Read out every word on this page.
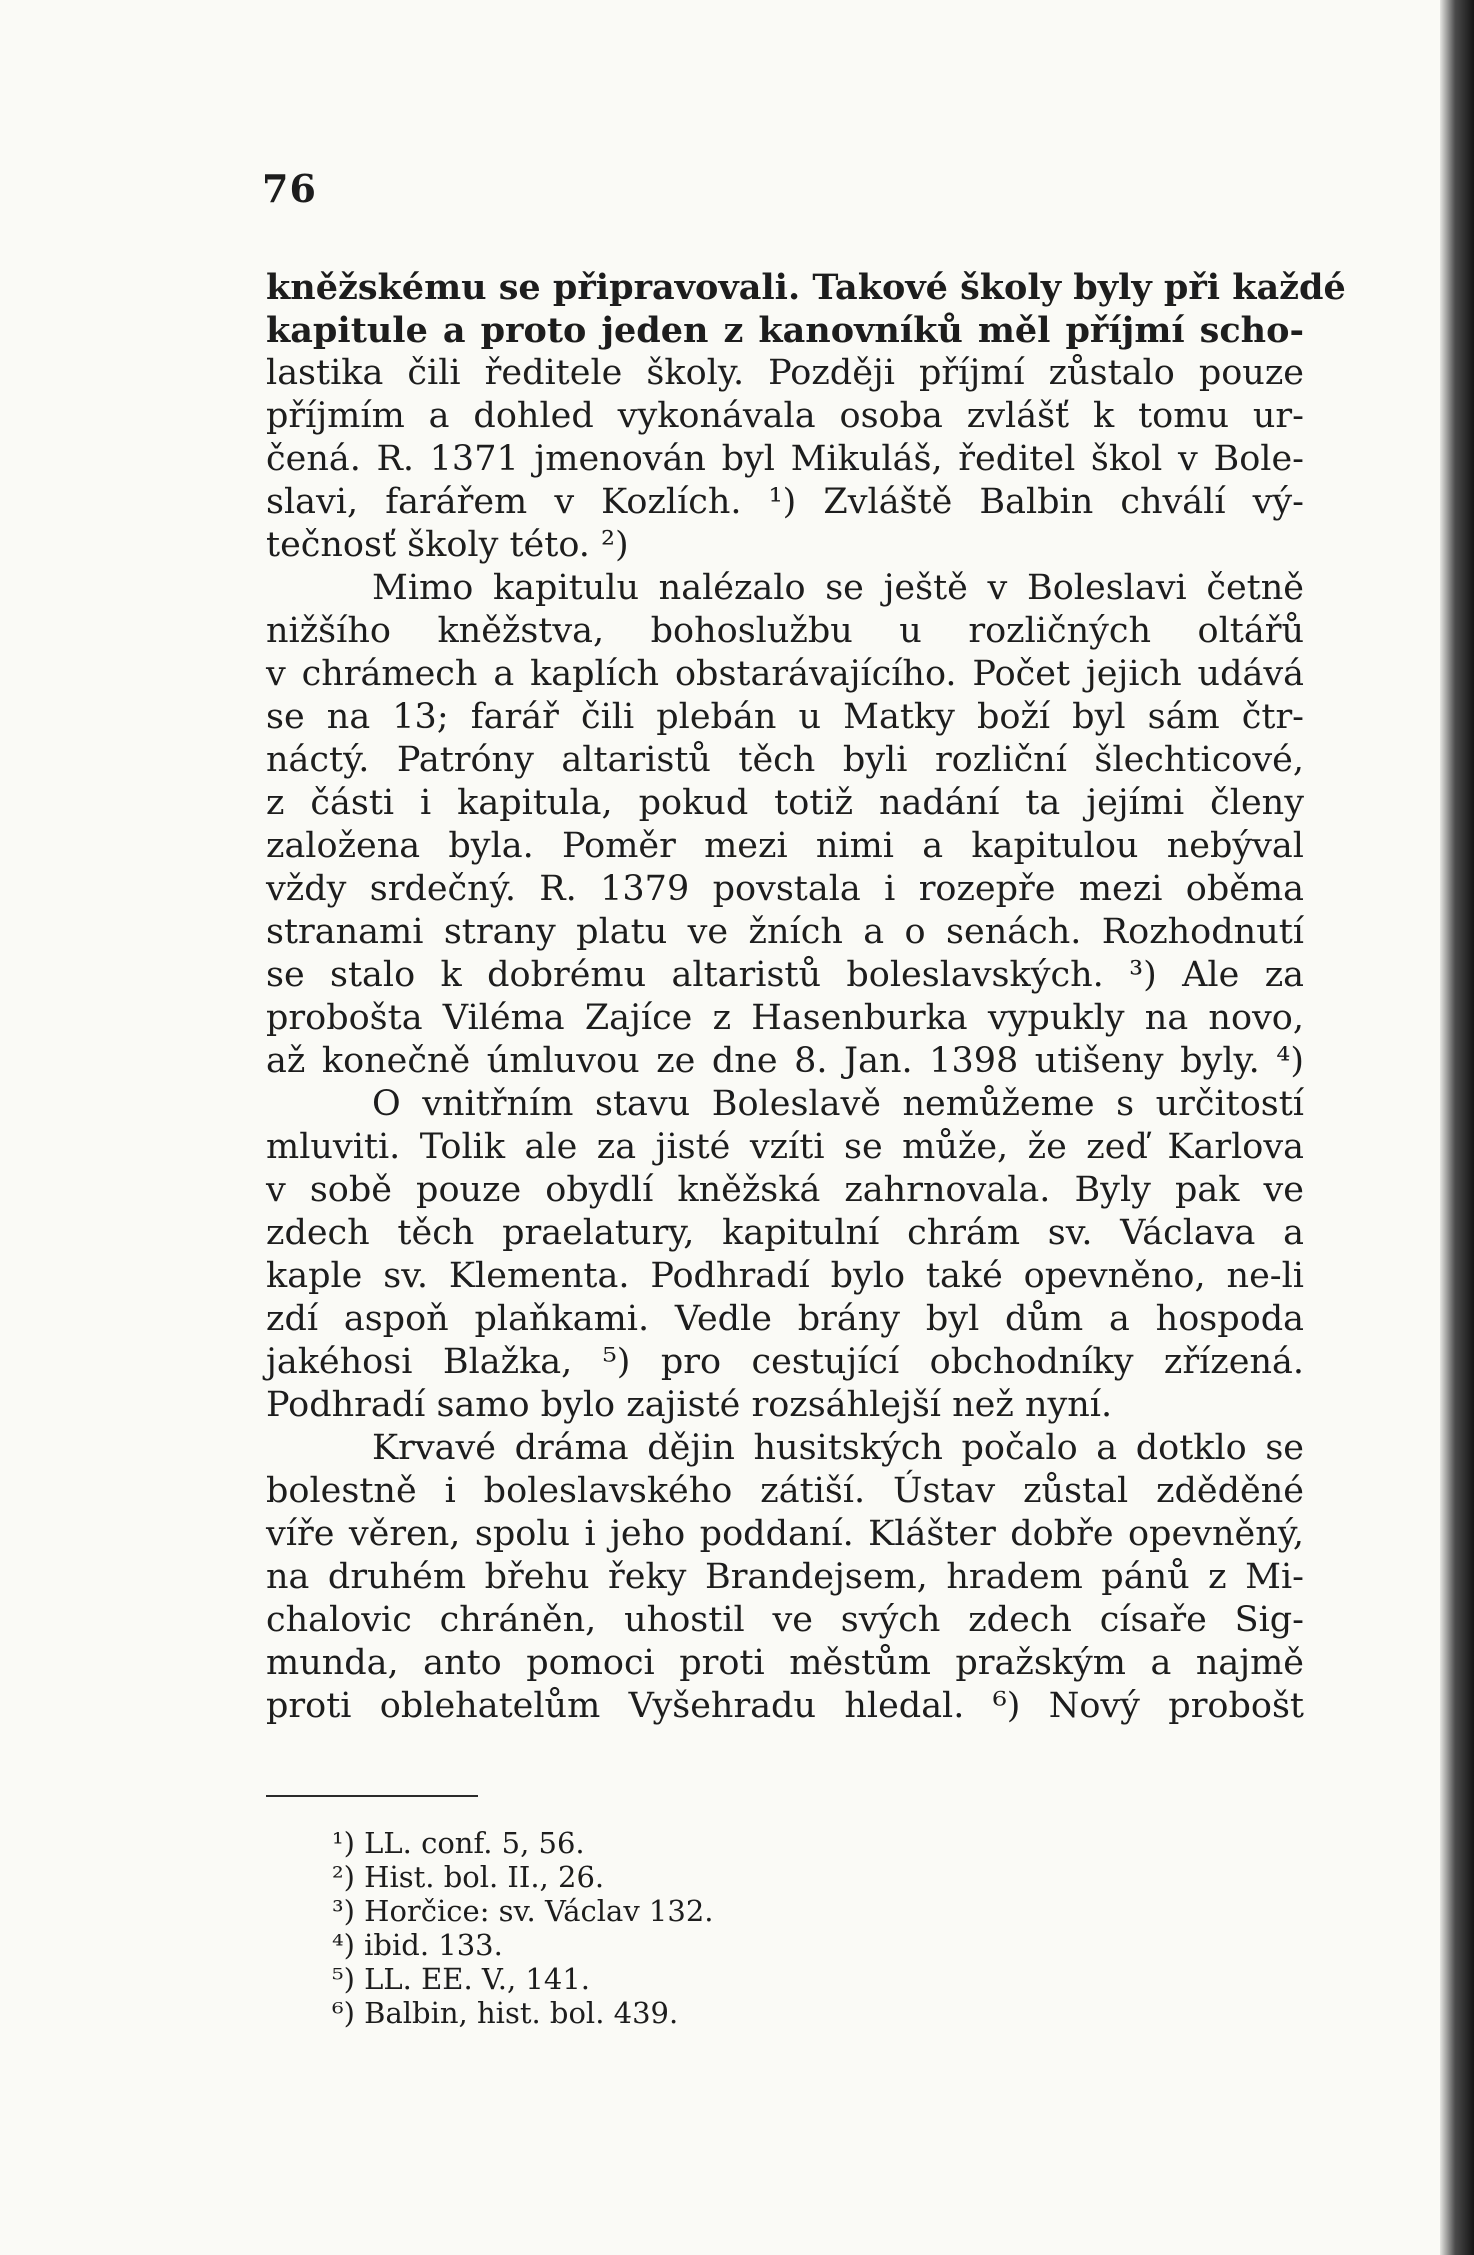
76
kněžskému se připravovali. Takové školy byly při každé
kapitule a proto jeden z kanovníků měl příjmí scho-
lastika čili ředitele školy. Později příjmí zůstalo pouze
příjmím a dohled vykonávala osoba zvlášť k tomu ur-
čená. R. 1371 jmenován byl Mikuláš, ředitel škol v Bole-
slavi, farářem v Kozlích. ¹) Zvláště Balbin chválí vý-
tečnosť školy této. ²)
Mimo kapitulu nalézalo se ještě v Boleslavi četně
nižšího kněžstva, bohoslužbu u rozličných oltářů
v chrámech a kaplích obstarávajícího. Počet jejich udává
se na 13; farář čili plebán u Matky boží byl sám čtr-
náctý. Patróny altaristů těch byli rozliční šlechticové,
z části i kapitula, pokud totiž nadání ta jejími členy
založena byla. Poměr mezi nimi a kapitulou nebýval
vždy srdečný. R. 1379 povstala i rozepře mezi oběma
stranami strany platu ve žních a o senách. Rozhodnutí
se stalo k dobrému altaristů boleslavských. ³) Ale za
probošta Viléma Zajíce z Hasenburka vypukly na novo,
až konečně úmluvou ze dne 8. Jan. 1398 utišeny byly. ⁴)
O vnitřním stavu Boleslavě nemůžeme s určitostí
mluviti. Tolik ale za jisté vzíti se může, že zeď Karlova
v sobě pouze obydlí kněžská zahrnovala. Byly pak ve
zdech těch praelatury, kapitulní chrám sv. Václava a
kaple sv. Klementa. Podhradí bylo také opevněno, ne-li
zdí aspoň plaňkami. Vedle brány byl dům a hospoda
jakéhosi Blažka, ⁵) pro cestující obchodníky zřízená.
Podhradí samo bylo zajisté rozsáhlejší než nyní.
Krvavé dráma dějin husitských počalo a dotklo se
bolestně i boleslavského zátiší. Ústav zůstal zděděné
víře věren, spolu i jeho poddaní. Klášter dobře opevněný,
na druhém břehu řeky Brandejsem, hradem pánů z Mi-
chalovic chráněn, uhostil ve svých zdech císaře Sig-
munda, anto pomoci proti městům pražským a najmě
proti oblehatelům Vyšehradu hledal. ⁶) Nový probošt
¹) LL. conf. 5, 56.
²) Hist. bol. II., 26.
³) Horčice: sv. Václav 132.
⁴) ibid. 133.
⁵) LL. EE. V., 141.
⁶) Balbin, hist. bol. 439.
